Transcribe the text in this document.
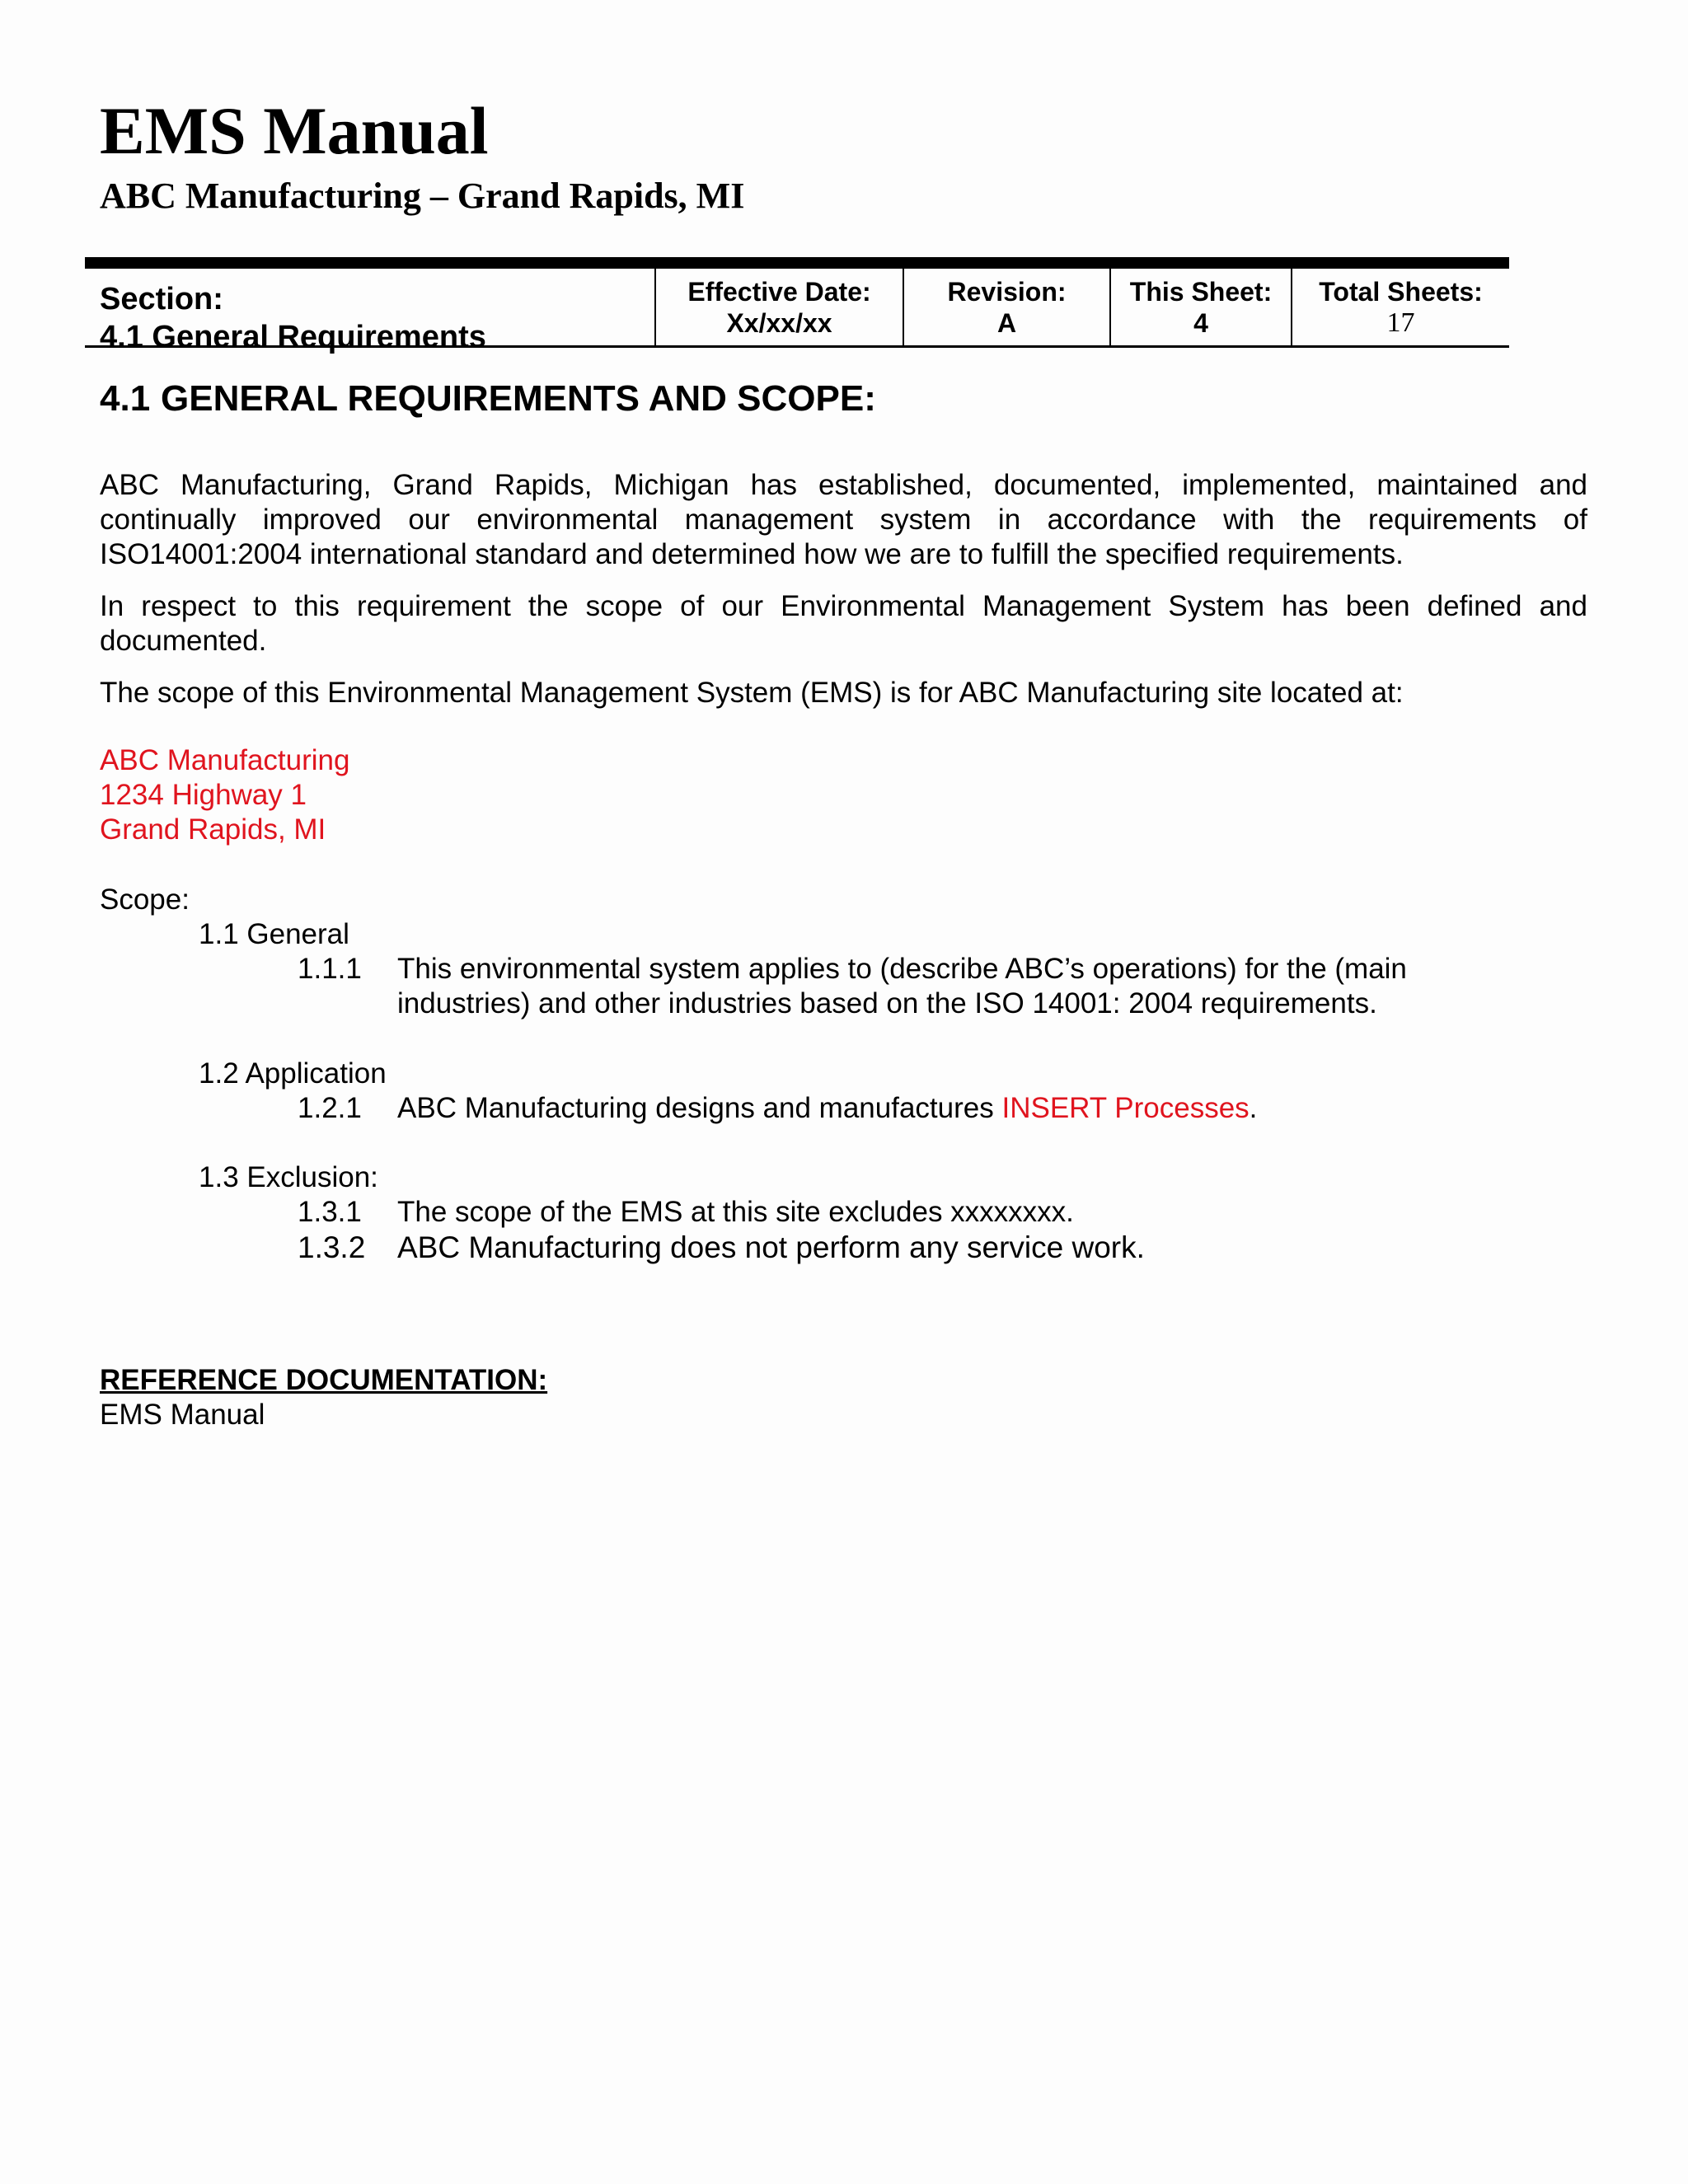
EMS Manual
ABC Manufacturing – Grand Rapids, MI
Section:
4.1 General Requirements
Effective Date:
Xx/xx/xx
Revision:
A
This Sheet:
4
Total Sheets:
17
4.1 GENERAL REQUIREMENTS AND SCOPE:

ABC Manufacturing, Grand Rapids, Michigan has established, documented, implemented, maintained and continually improved our environmental management system in accordance with the requirements of ISO14001:2004 international standard and determined how we are to fulfill the specified requirements.

In respect to this requirement the scope of our Environmental Management System has been defined and documented.

The scope of this Environmental Management System (EMS) is for ABC Manufacturing site located at:

ABC Manufacturing
1234 Highway 1
Grand Rapids, MI

Scope:

1.1 General

1.1.1 This environmental system applies to (describe ABC’s operations) for the (main industries) and other industries based on the ISO 14001: 2004 requirements.

1.2 Application

1.2.1 ABC Manufacturing designs and manufactures INSERT Processes.

1.3 Exclusion:

1.3.1 The scope of the EMS at this site excludes xxxxxxxx.
1.3.2 ABC Manufacturing does not perform any service work.

REFERENCE DOCUMENTATION:

EMS Manual
